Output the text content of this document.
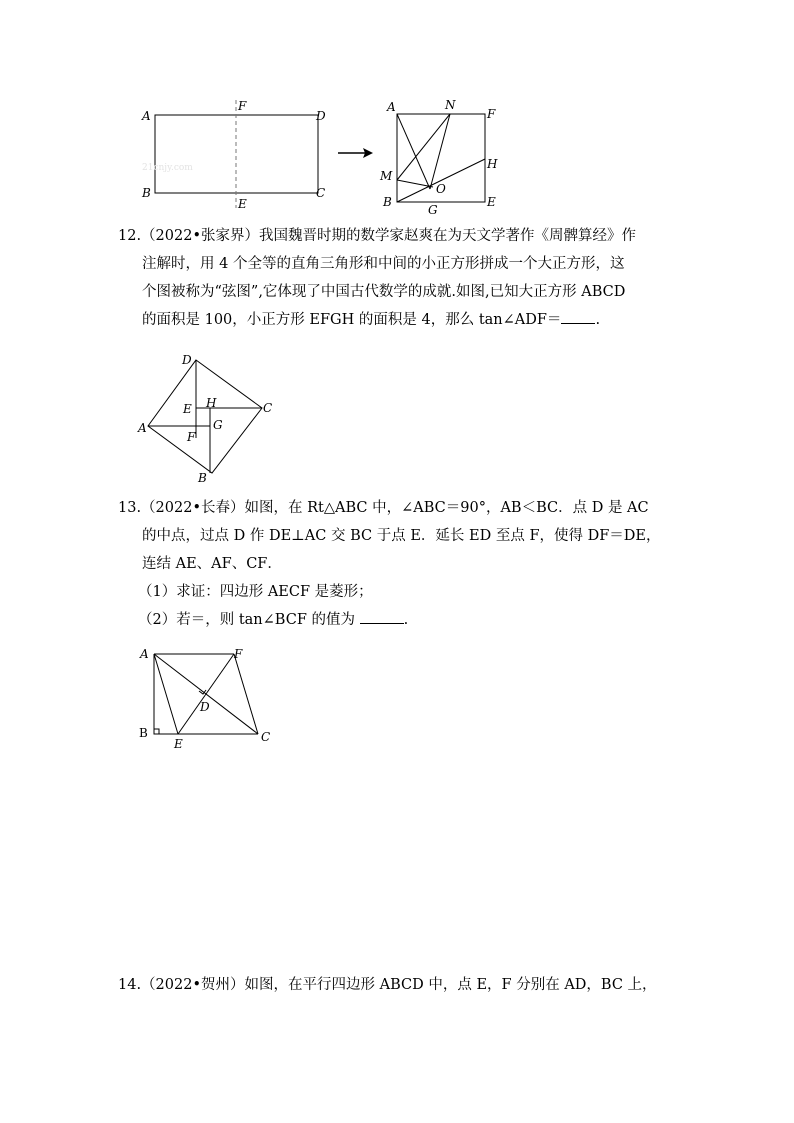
21cnjy.com
A
B	C
D
E
F	A	N
F
H
M
O
B
G
E
12.（2022•张家界）我国魏晋时期的数学家赵爽在为天文学著作《周髀算经》作
注解时，用 4 个全等的直角三角形和中间的小正方形拼成一个大正方形，这
个图被称为“弦图”,它体现了中国古代数学的成就.如图,已知大正方形 ABCD
的面积是 100，小正方形 EFGH 的面积是 4，那么 tan∠ADF＝ .
D
E H	C
A
F
G
B
13.（2022•长春）如图，在 Rt△ABC 中，∠ABC＝90°，AB＜BC．点 D 是 AC
的中点，过点 D 作 DE⊥AC 交 BC 于点 E．延长 ED 至点 F，使得 DF＝DE，
连结 AE、AF、CF．
（1）求证：四边形 AECF 是菱形；
（2）若＝，则 tan∠BCF 的值为	.
A	F
D
B
E	C
14.（2022•贺州）如图，在平行四边形 ABCD 中，点 E，F 分别在 AD，BC 上，
